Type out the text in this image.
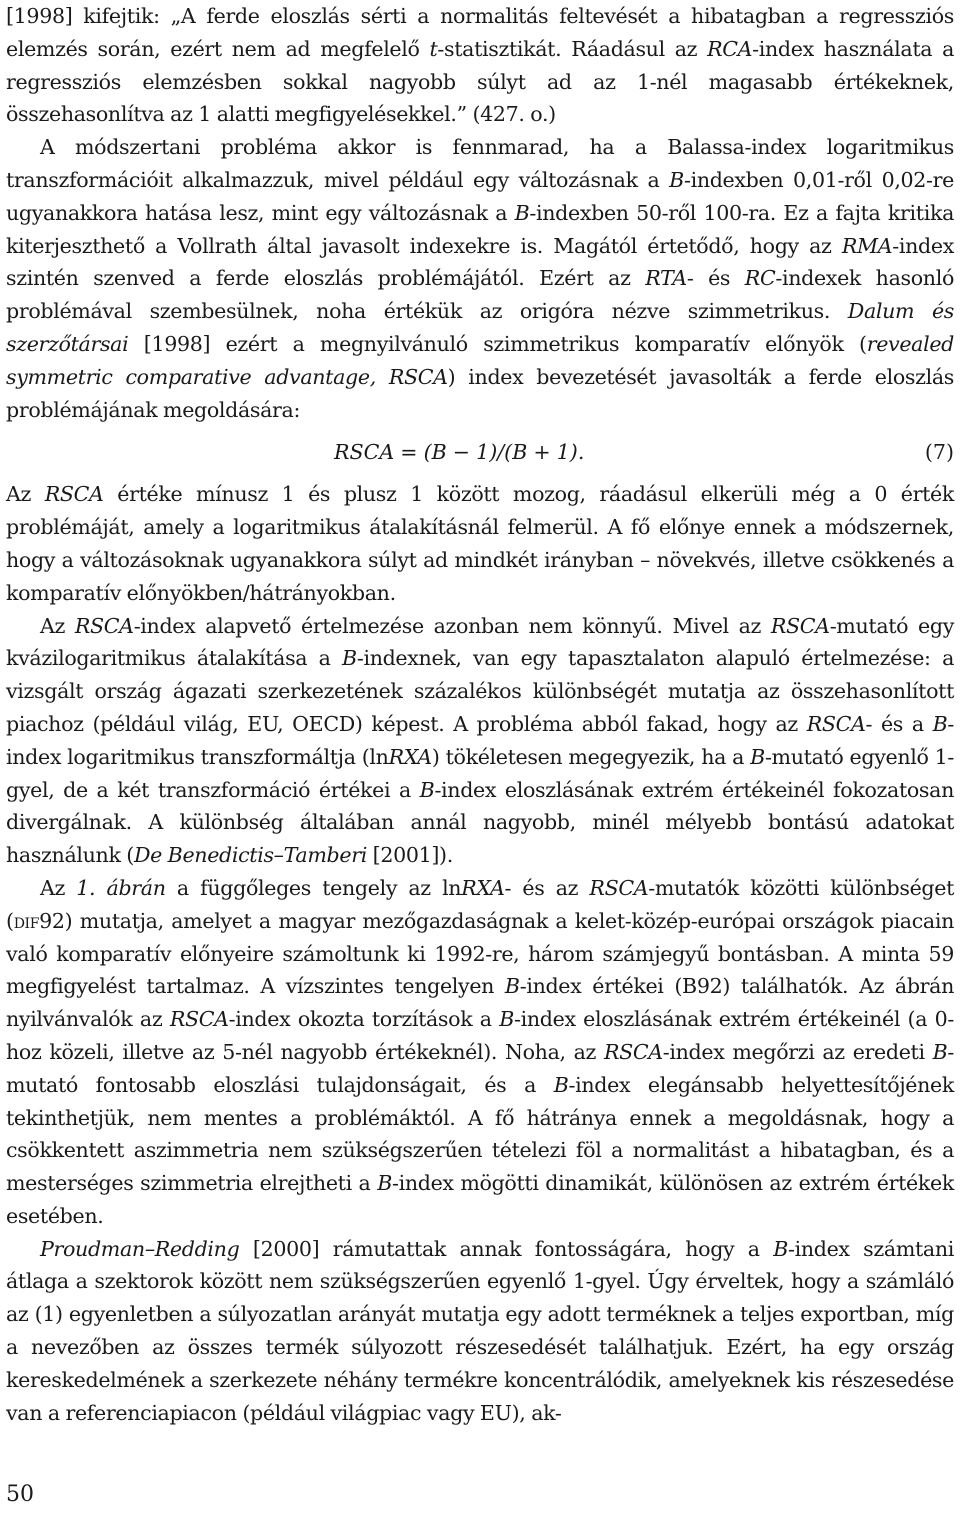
[1998] kifejtik: „A ferde eloszlás sérti a normalitás feltevését a hibatagban a regressziós elemzés során, ezért nem ad megfelelő t-statisztikát. Ráadásul az RCA-index használata a regressziós elemzésben sokkal nagyobb súlyt ad az 1-nél magasabb értékeknek, összehasonlítva az 1 alatti megfigyelésekkel.” (427. o.)

A módszertani probléma akkor is fennmarad, ha a Balassa-index logaritmikus transzformációit alkalmazzuk, mivel például egy változásnak a B-indexben 0,01-ről 0,02-re ugyanakkora hatása lesz, mint egy változásnak a B-indexben 50-ről 100-ra. Ez a fajta kritika kiterjeszthető a Vollrath által javasolt indexekre is. Magától értetődő, hogy az RMA-index szintén szenved a ferde eloszlás problémájától. Ezért az RTA- és RC-indexek hasonló problémával szembesülnek, noha értékük az origóra nézve szimmetrikus. Dalum és szerzőtársai [1998] ezért a megnyilvánuló szimmetrikus komparatív előnyök (revealed symmetric comparative advantage, RSCA) index bevezetését javasolták a ferde eloszlás problémájának megoldására:

RSCA = (B − 1)/(B + 1).	(7)

Az RSCA értéke mínusz 1 és plusz 1 között mozog, ráadásul elkerüli még a 0 érték problémáját, amely a logaritmikus átalakításnál felmerül. A fő előnye ennek a módszernek, hogy a változásoknak ugyanakkora súlyt ad mindkét irányban – növekvés, illetve csökkenés a komparatív előnyökben/hátrányokban.

Az RSCA-index alapvető értelmezése azonban nem könnyű. Mivel az RSCA-mutató egy kvázilogaritmikus átalakítása a B-indexnek, van egy tapasztalaton alapuló értelmezése: a vizsgált ország ágazati szerkezetének százalékos különbségét mutatja az összehasonlított piachoz (például világ, EU, OECD) képest. A probléma abból fakad, hogy az RSCA- és a B-index logaritmikus transzformáltja (lnRXA) tökéletesen megegyezik, ha a B-mutató egyenlő 1-gyel, de a két transzformáció értékei a B-index eloszlásának extrém értékeinél fokozatosan divergálnak. A különbség általában annál nagyobb, minél mélyebb bontású adatokat használunk (De Benedictis–Tamberi [2001]).

Az 1. ábrán a függőleges tengely az lnRXA- és az RSCA-mutatók közötti különbséget (dif92) mutatja, amelyet a magyar mezőgazdaságnak a kelet-közép-európai országok piacain való komparatív előnyeire számoltunk ki 1992-re, három számjegyű bontásban. A minta 59 megfigyelést tartalmaz. A vízszintes tengelyen B-index értékei (B92) találhatók. Az ábrán nyilvánvalók az RSCA-index okozta torzítások a B-index eloszlásának extrém értékeinél (a 0-hoz közeli, illetve az 5-nél nagyobb értékeknél). Noha, az RSCA-index megőrzi az eredeti B-mutató fontosabb eloszlási tulajdonságait, és a B-index elegánsabb helyettesítőjének tekinthetjük, nem mentes a problémáktól. A fő hátránya ennek a megoldásnak, hogy a csökkentett aszimmetria nem szükségszerűen tételezi föl a normalitást a hibatagban, és a mesterséges szimmetria elrejtheti a B-index mögötti dinamikát, különösen az extrém értékek esetében.

Proudman–Redding [2000] rámutattak annak fontosságára, hogy a B-index számtani átlaga a szektorok között nem szükségszerűen egyenlő 1-gyel. Úgy érveltek, hogy a számláló az (1) egyenletben a súlyozatlan arányát mutatja egy adott terméknek a teljes exportban, míg a nevezőben az összes termék súlyozott részesedését találhatjuk. Ezért, ha egy ország kereskedelmének a szerkezete néhány termékre koncentrálódik, amelyeknek kis részesedése van a referenciapiacon (például világpiac vagy EU), ak-

50
